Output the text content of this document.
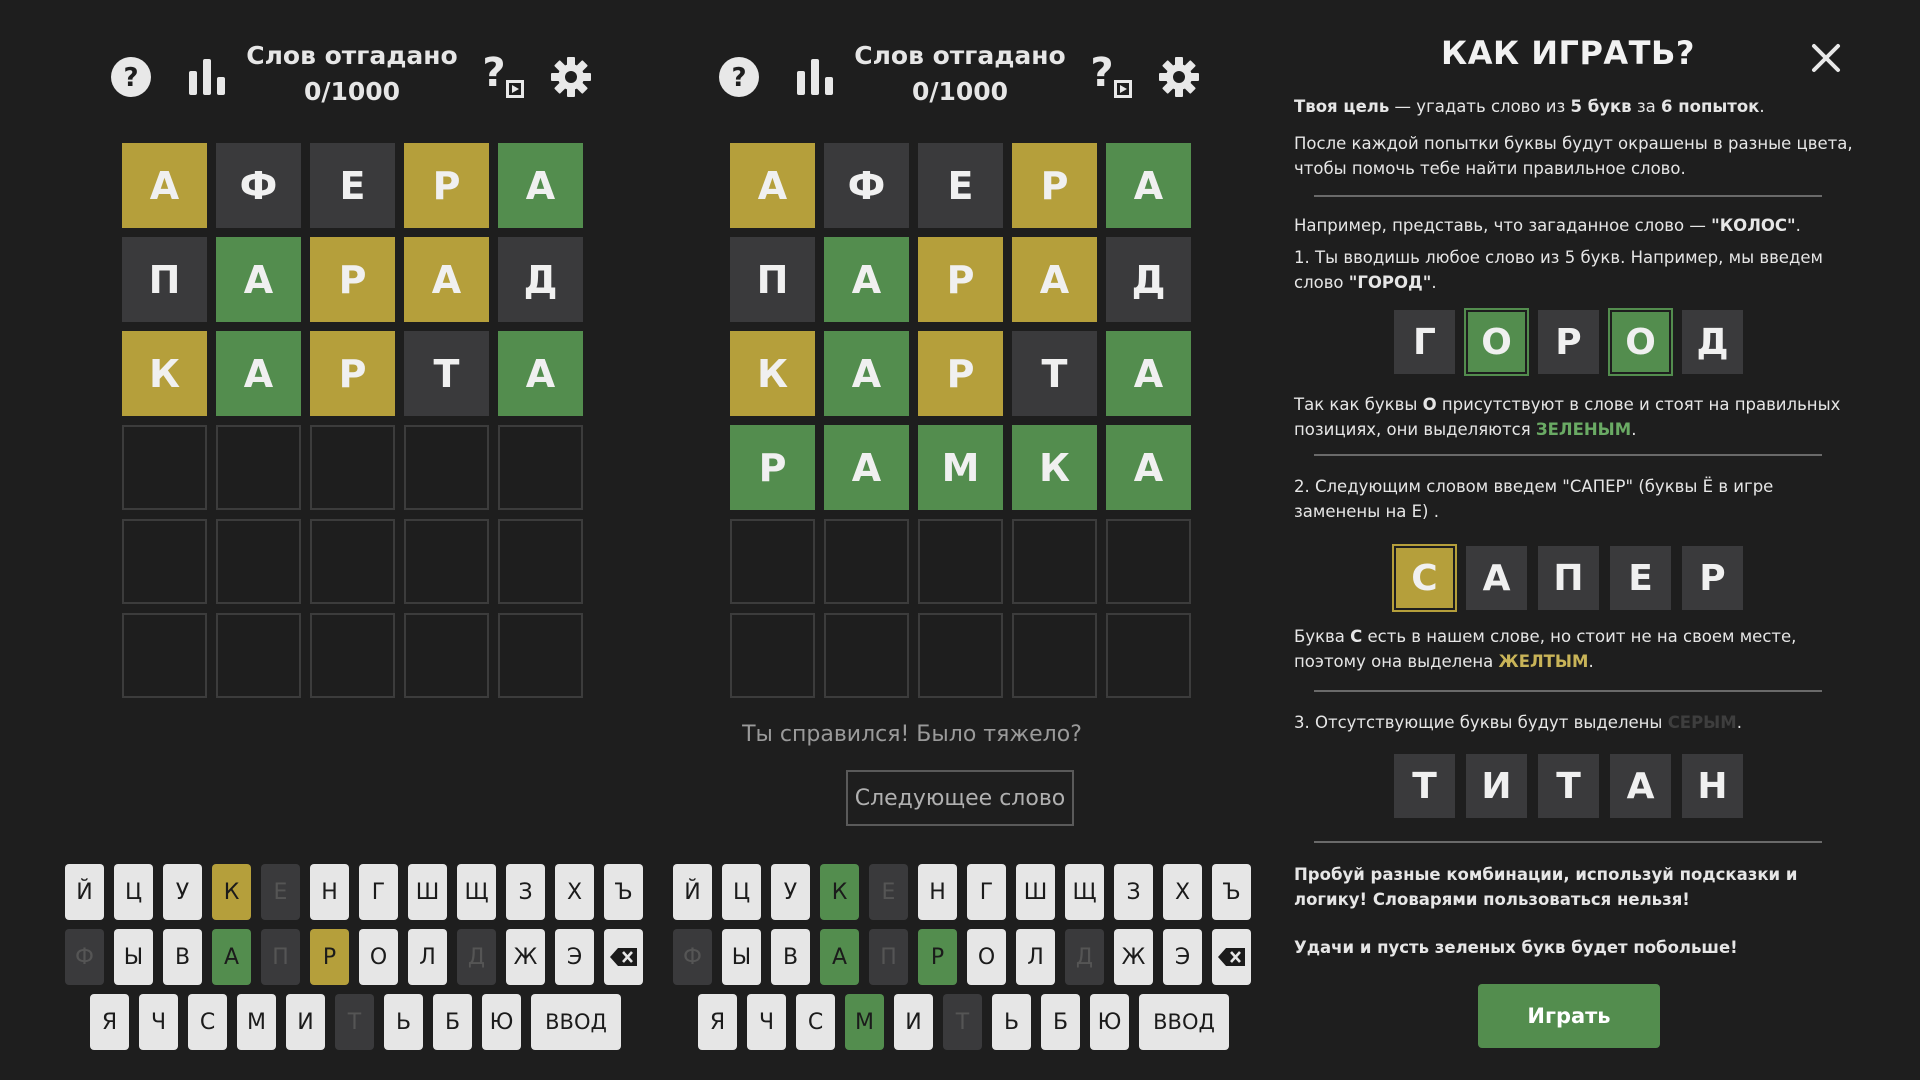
?
Слов отгадано
0/1000	?
А	Ф	Е	Р	А
П	А	Р	А	Д
К	А	Р	Т	А
Й	Ц	У	К	Е	Н	Г	Ш	Щ	З	Х	Ъ
Ф	Ы	В	А	П	Р	О	Л	Д	Ж	Э
Я	Ч	С	М	И	Т	Ь	Б	Ю	ВВОД
?
Слов отгадано
0/1000	?
А	Ф	Е	Р	А
П	А	Р	А	Д
К	А	Р	Т	А
Р	А	М	К	А
Ты справился! Было тяжело?
Следующее слово
Й	Ц	У	К	Е	Н	Г	Ш	Щ	З	Х	Ъ
Ф	Ы	В	А	П	Р	О	Л	Д	Ж	Э
Я	Ч	С	М	И	Т	Ь	Б	Ю	ВВОД
КАК ИГРАТЬ?
Твоя цель — угадать слово из 5 букв за 6 попыток.
После каждой попытки буквы будут окрашены в разные цвета, чтобы помочь тебе найти правильное слово.
Например, представь, что загаданное слово — "КОЛОС".
1. Ты вводишь любое слово из 5 букв. Например, мы введем слово "ГОРОД".
Г	О	Р	О	Д
Так как буквы О присутствуют в слове и стоят на правильных позициях, они выделяются ЗЕЛЕНЫМ.
2. Следующим словом введем "САПЕР" (буквы Ё в игре заменены на Е) .
С	А	П	Е	Р
Буква С есть в нашем слове, но стоит не на своем месте, поэтому она выделена ЖЕЛТЫМ.
3. Отсутствующие буквы будут выделены СЕРЫМ.
Т	И	Т	А	Н
Пробуй разные комбинации, используй подсказки и логику! Словарями пользоваться нельзя!
Удачи и пусть зеленых букв будет побольше!
Играть
